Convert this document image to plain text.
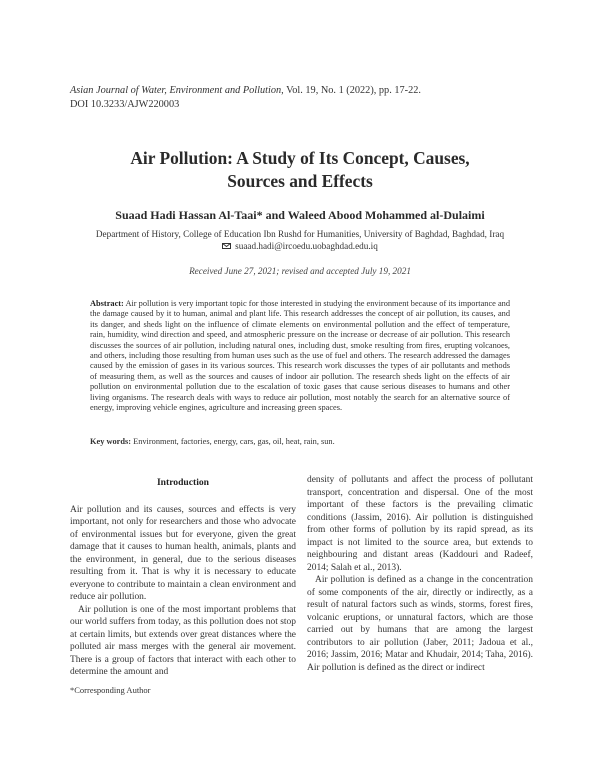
Asian Journal of Water, Environment and Pollution, Vol. 19, No. 1 (2022), pp. 17-22.
DOI 10.3233/AJW220003
Air Pollution: A Study of Its Concept, Causes,
Sources and Effects
Suaad Hadi Hassan Al-Taai* and Waleed Abood Mohammed al-Dulaimi
Department of History, College of Education Ibn Rushd for Humanities, University of Baghdad, Baghdad, Iraq
suaad.hadi@ircoedu.uobaghdad.edu.iq
Received June 27, 2021; revised and accepted July 19, 2021
Abstract: Air pollution is very important topic for those interested in studying the environment because of its importance and the damage caused by it to human, animal and plant life. This research addresses the concept of air pollution, its causes, and its danger, and sheds light on the influence of climate elements on environmental pollution and the effect of temperature, rain, humidity, wind direction and speed, and atmospheric pressure on the increase or decrease of air pollution. This research discusses the sources of air pollution, including natural ones, including dust, smoke resulting from fires, erupting volcanoes, and others, including those resulting from human uses such as the use of fuel and others. The research addressed the damages caused by the emission of gases in its various sources. This research work discusses the types of air pollutants and methods of measuring them, as well as the sources and causes of indoor air pollution. The research sheds light on the effects of air pollution on environmental pollution due to the escalation of toxic gases that cause serious diseases to humans and other living organisms. The research deals with ways to reduce air pollution, most notably the search for an alternative source of energy, improving vehicle engines, agriculture and increasing green spaces.
Key words: Environment, factories, energy, cars, gas, oil, heat, rain, sun.
Introduction

Air pollution and its causes, sources and effects is very important, not only for researchers and those who advocate of environmental issues but for everyone, given the great damage that it causes to human health, animals, plants and the environment, in general, due to the serious diseases resulting from it. That is why it is necessary to educate everyone to contribute to maintain a clean environment and reduce air pollution.

Air pollution is one of the most important problems that our world suffers from today, as this pollution does not stop at certain limits, but extends over great distances where the polluted air mass merges with the general air movement. There is a group of factors that interact with each other to determine the amount and

density of pollutants and affect the process of pollutant transport, concentration and dispersal. One of the most important of these factors is the prevailing climatic conditions (Jassim, 2016). Air pollution is distinguished from other forms of pollution by its rapid spread, as its impact is not limited to the source area, but extends to neighbouring and distant areas (Kaddouri and Radeef, 2014; Salah et al., 2013).

Air pollution is defined as a change in the concentration of some components of the air, directly or indirectly, as a result of natural factors such as winds, storms, forest fires, volcanic eruptions, or unnatural factors, which are those carried out by humans that are among the largest contributors to air pollution (Jaber, 2011; Jadoua et al., 2016; Jassim, 2016; Matar and Khudair, 2014; Taha, 2016). Air pollution is defined as the direct or indirect

*Corresponding Author
